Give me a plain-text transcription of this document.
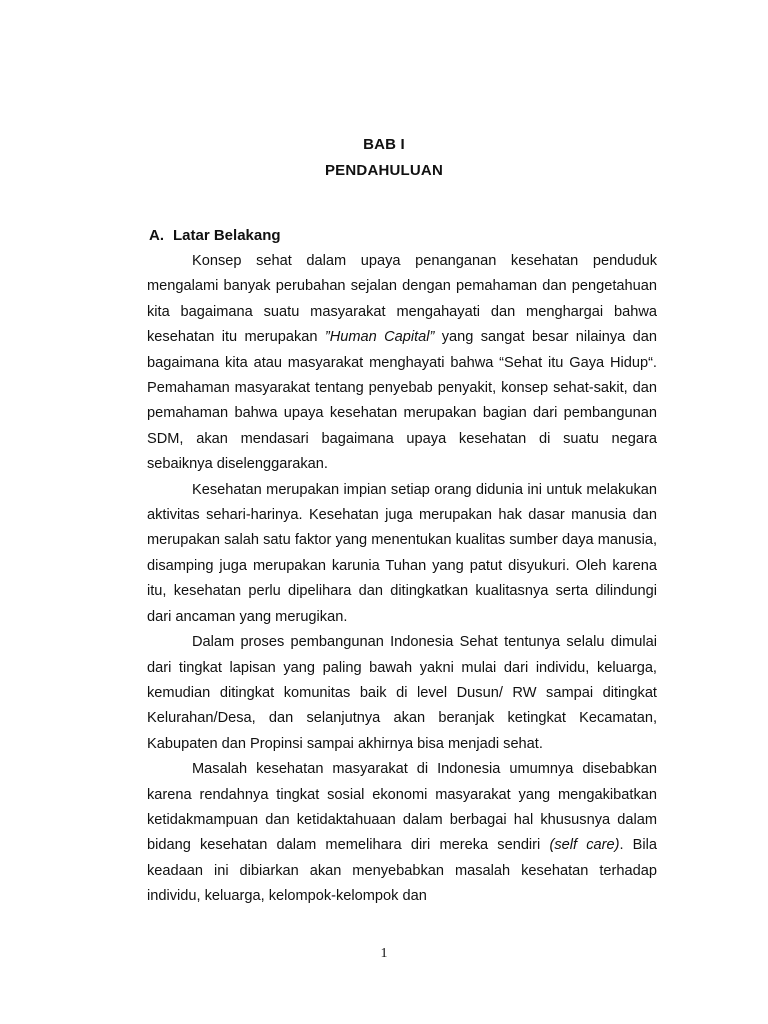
BAB I
PENDAHULUAN
A. Latar Belakang

Konsep sehat dalam upaya penanganan kesehatan penduduk mengalami banyak perubahan sejalan dengan pemahaman dan pengetahuan kita bagaimana suatu masyarakat mengahayati dan menghargai bahwa kesehatan itu merupakan ”Human Capital” yang sangat besar nilainya dan bagaimana kita atau masyarakat menghayati bahwa “Sehat itu Gaya Hidup“. Pemahaman masyarakat tentang penyebab penyakit, konsep sehat-sakit, dan pemahaman bahwa upaya kesehatan merupakan bagian dari pembangunan SDM, akan mendasari bagaimana upaya kesehatan di suatu negara sebaiknya diselenggarakan.

Kesehatan merupakan impian setiap orang didunia ini untuk melakukan aktivitas sehari-harinya. Kesehatan juga merupakan hak dasar manusia dan merupakan salah satu faktor yang menentukan kualitas sumber daya manusia, disamping juga merupakan karunia Tuhan yang patut disyukuri. Oleh karena itu, kesehatan perlu dipelihara dan ditingkatkan kualitasnya serta dilindungi dari ancaman yang merugikan.

Dalam proses pembangunan Indonesia Sehat tentunya selalu dimulai dari tingkat lapisan yang paling bawah yakni mulai dari individu, keluarga, kemudian ditingkat komunitas baik di level Dusun/ RW sampai ditingkat Kelurahan/Desa, dan selanjutnya akan beranjak ketingkat Kecamatan, Kabupaten dan Propinsi sampai akhirnya bisa menjadi sehat.

Masalah kesehatan masyarakat di Indonesia umumnya disebabkan karena rendahnya tingkat sosial ekonomi masyarakat yang mengakibatkan ketidakmampuan dan ketidaktahuaan dalam berbagai hal khususnya dalam bidang kesehatan dalam memelihara diri mereka sendiri (self care). Bila keadaan ini dibiarkan akan menyebabkan masalah kesehatan terhadap individu, keluarga, kelompok-kelompok dan

1
